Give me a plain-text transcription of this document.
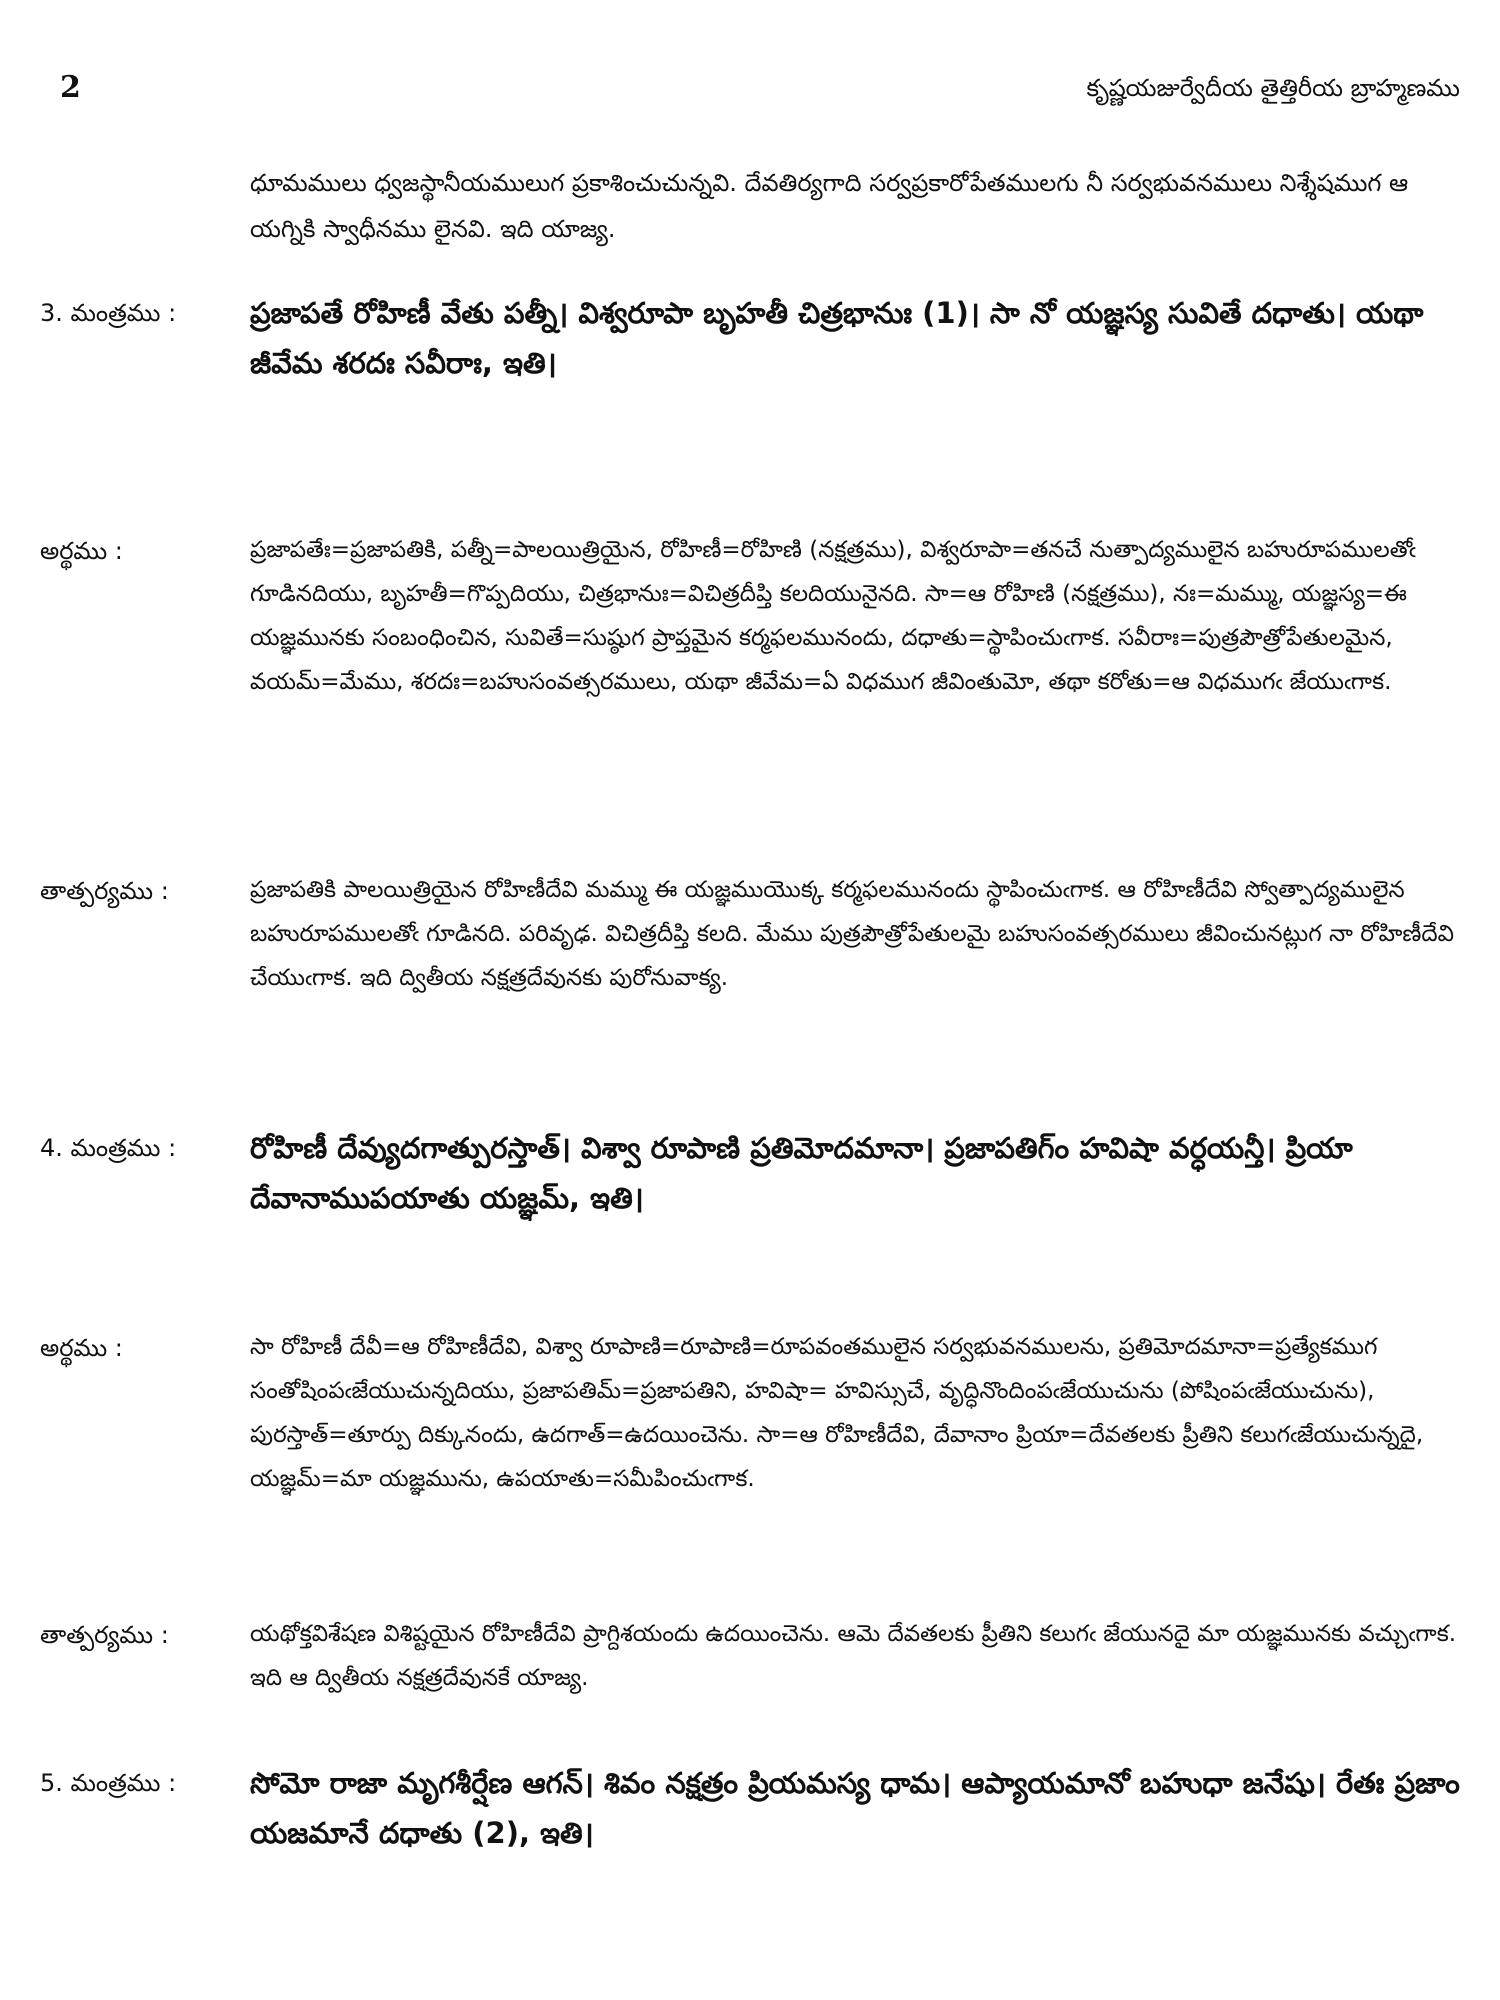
2	కృష్ణయజుర్వేదీయ తైత్తిరీయ బ్రాహ్మణము
ధూమములు ధ్వజస్థానీయములుగ ప్రకాశించుచున్నవి. దేవతిర్యగాది సర్వప్రకారోపేతములగు నీ సర్వభువనములు నిశ్శేషముగ ఆ యగ్నికి స్వాధీనము లైనవి. ఇది యాజ్య.
3. మంత్రము :	ప్రజాపతే రోహిణీ వేతు పత్నీ। విశ్వరూపా బృహతీ చిత్రభానుః (1)। సా నో యజ్ఞస్య సువితే దధాతు। యథా జీవేమ శరదః సవీరాః, ఇతి।
అర్థము :	ప్రజాపతేః=ప్రజాపతికి, పత్నీ=పాలయిత్రియైన, రోహిణీ=రోహిణి (నక్షత్రము), విశ్వరూపా=తనచే నుత్పాద్యములైన బహురూపములతోఁ గూడినదియు, బృహతీ=గొప్పదియు, చిత్రభానుః=విచిత్రదీప్తి కలదియునైనది. సా=ఆ రోహిణి (నక్షత్రము), నః=మమ్ము, యజ్ఞస్య=ఈ యజ్ఞమునకు సంబంధించిన, సువితే=సుష్ఠుగ ప్రాప్తమైన కర్మఫలమునందు, దధాతు=స్థాపించుఁగాక. సవీరాః=పుత్రపౌత్రోపేతులమైన, వయమ్=మేము, శరదః=బహుసంవత్సరములు, యథా జీవేమ=ఏ విధముగ జీవింతుమో, తథా కరోతు=ఆ విధముగఁ జేయుఁగాక.
తాత్పర్యము :	ప్రజాపతికి పాలయిత్రియైన రోహిణీదేవి మమ్ము ఈ యజ్ఞముయొక్క కర్మఫలమునందు స్థాపించుఁగాక. ఆ రోహిణీదేవి స్వోత్పాద్యములైన బహురూపములతోఁ గూడినది. పరివృఢ. విచిత్రదీప్తి కలది. మేము పుత్రపౌత్రోపేతులమై బహుసంవత్సరములు జీవించునట్లుగ నా రోహిణీదేవి చేయుఁగాక. ఇది ద్వితీయ నక్షత్రదేవునకు పురోనువాక్య.
4. మంత్రము :	రోహిణీ దేవ్యుదగాత్పురస్తాత్। విశ్వా రూపాణి ప్రతిమోదమానా। ప్రజాపతిగ్ం హవిషా వర్ధయన్తీ। ప్రియా దేవానాముపయాతు యజ్ఞమ్, ఇతి।
అర్థము :	సా రోహిణీ దేవీ=ఆ రోహిణీదేవి, విశ్వా రూపాణి=రూపాణి=రూపవంతములైన సర్వభువనములను, ప్రతిమోదమానా=ప్రత్యేకముగ సంతోషింపఁజేయుచున్నదియు, ప్రజాపతిమ్=ప్రజాపతిని, హవిషా= హవిస్సుచే, వృద్ధినొందింపఁజేయుచును (పోషింపఁజేయుచును), పురస్తాత్=తూర్పు దిక్కునందు, ఉదగాత్=ఉదయించెను. సా=ఆ రోహిణీదేవి, దేవానాం ప్రియా=దేవతలకు ప్రీతిని కలుగఁజేయుచున్నదై, యజ్ఞమ్=మా యజ్ఞమును, ఉపయాతు=సమీపించుఁగాక.
తాత్పర్యము :	యథోక్తవిశేషణ విశిష్టయైన రోహిణీదేవి ప్రాగ్దిశయందు ఉదయించెను. ఆమె దేవతలకు ప్రీతిని కలుగఁ జేయునదై మా యజ్ఞమునకు వచ్చుఁగాక. ఇది ఆ ద్వితీయ నక్షత్రదేవునకే యాజ్య.
5. మంత్రము :	సోమో రాజా మృగశీర్షేణ ఆగన్। శివం నక్షత్రం ప్రియమస్య ధామ। ఆప్యాయమానో బహుధా జనేషు। రేతః ప్రజాం యజమానే దధాతు (2), ఇతి।
